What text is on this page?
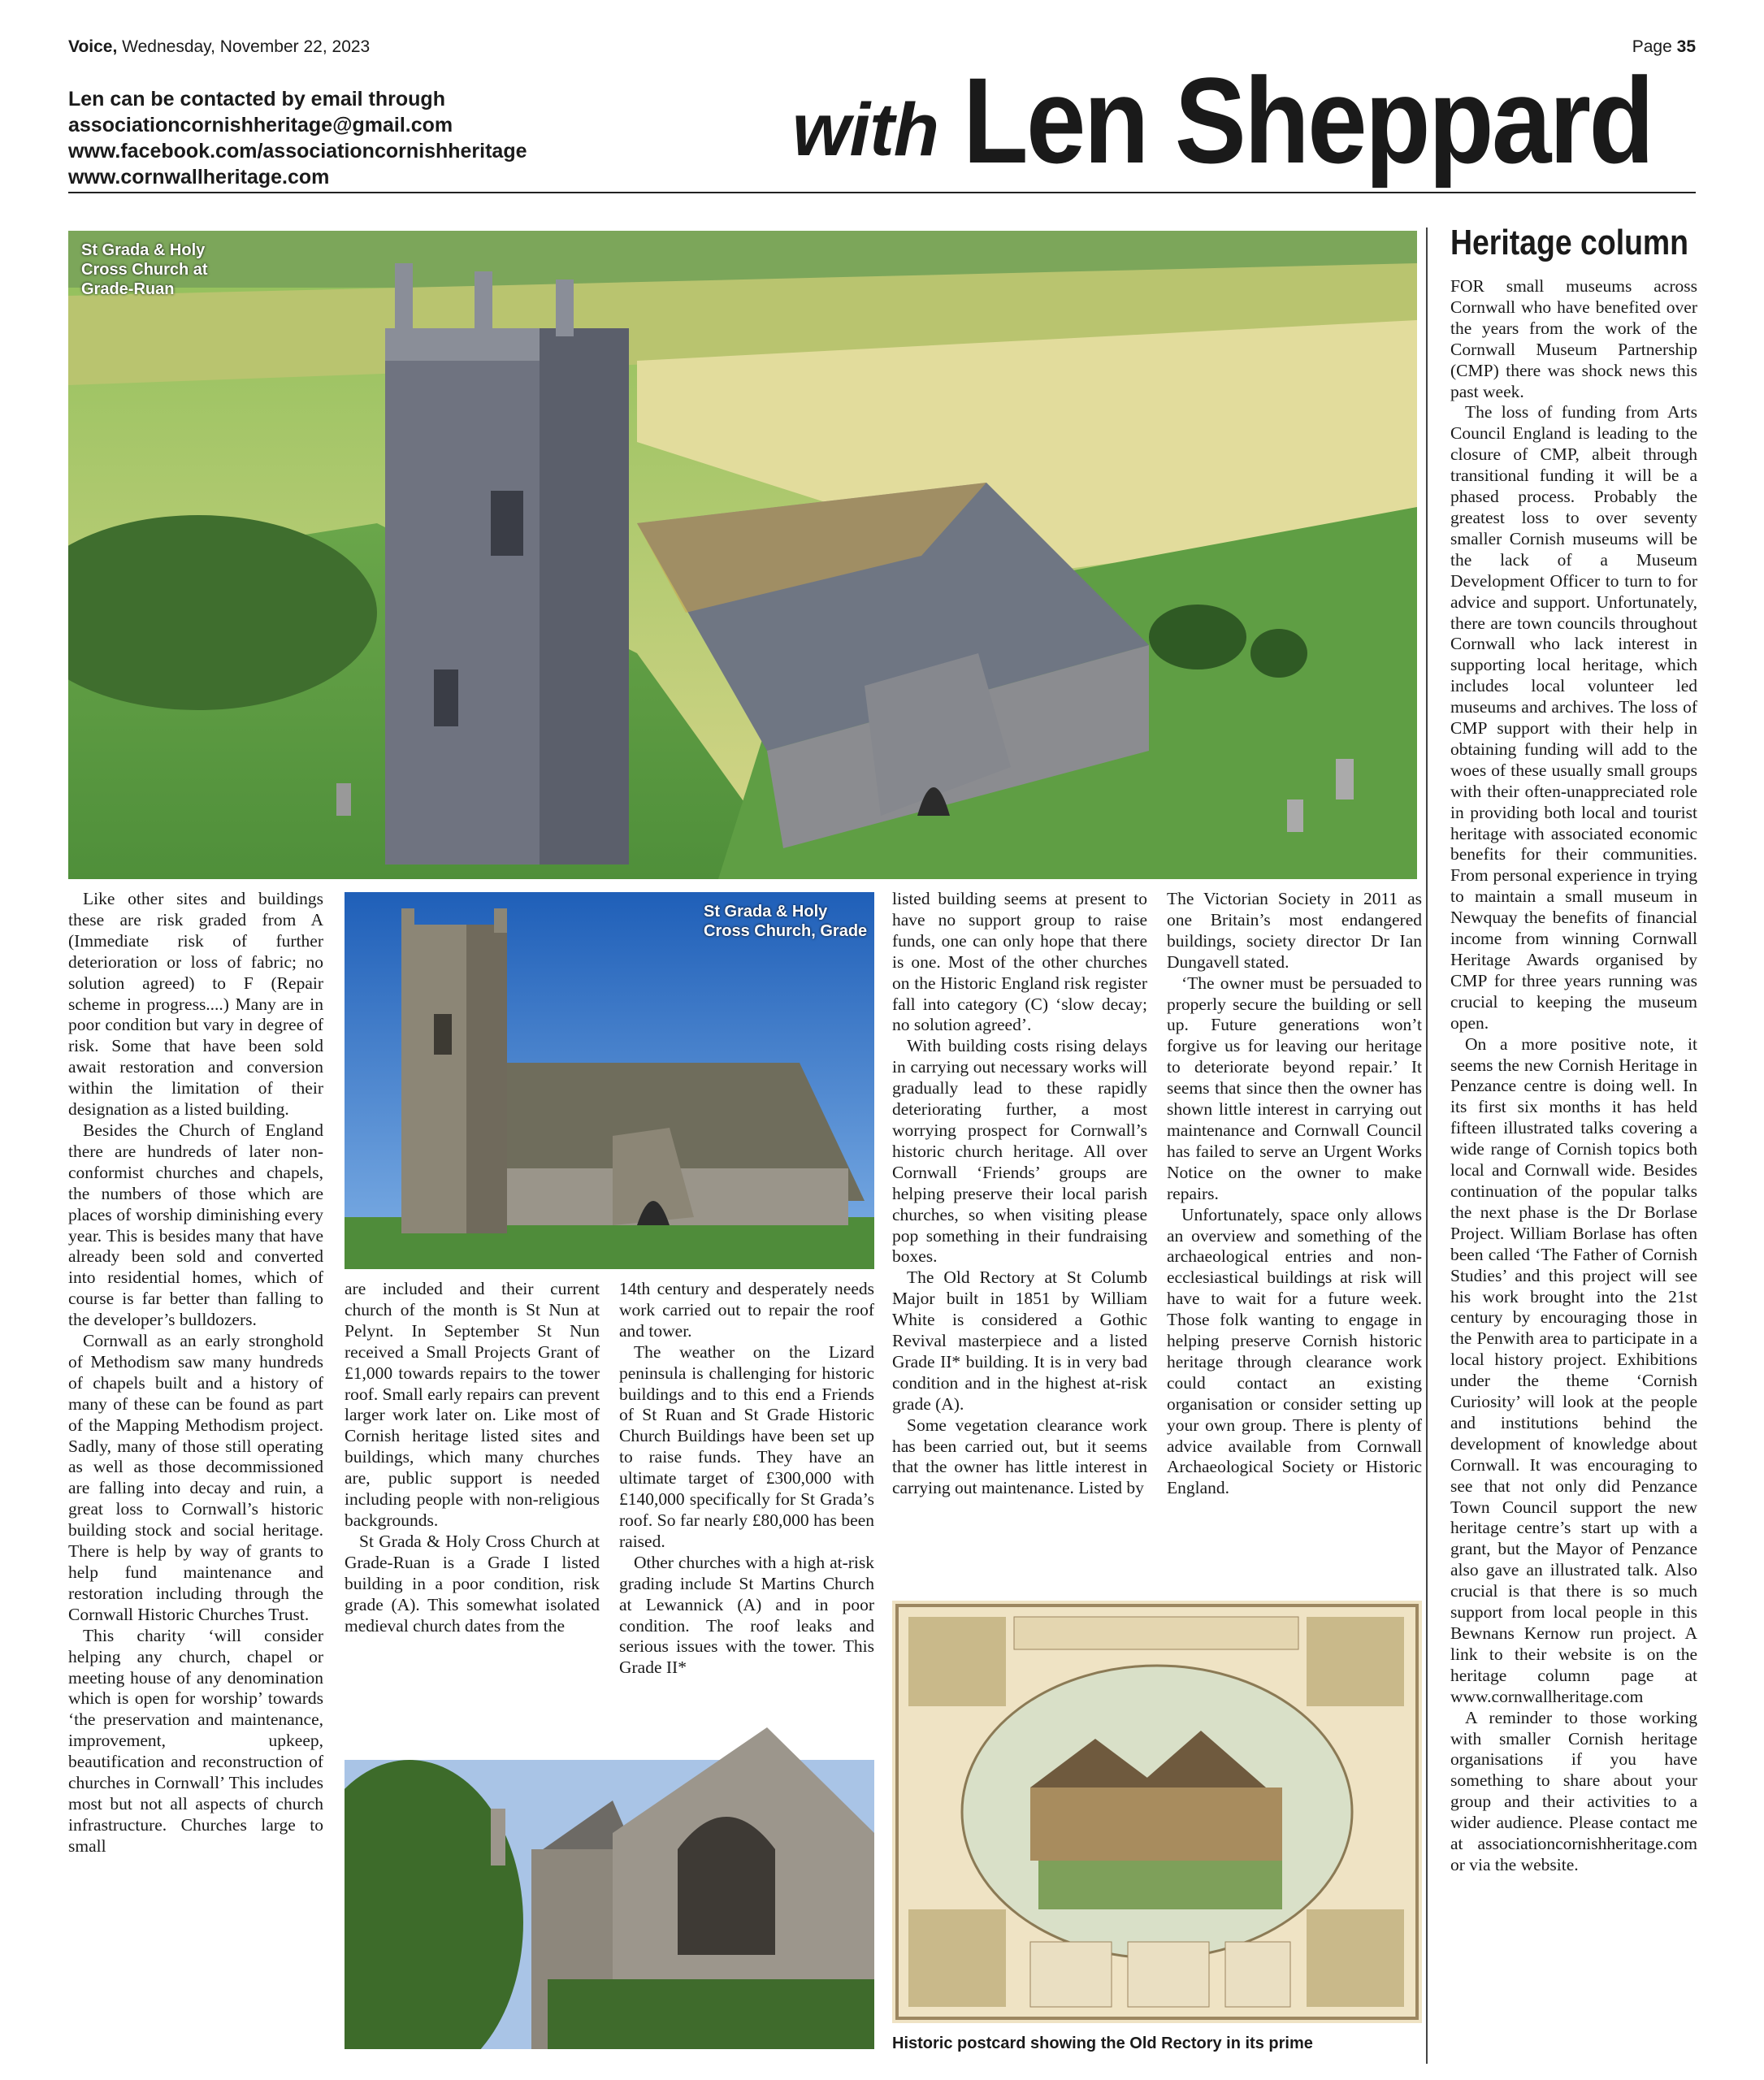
Voice, Wednesday, November 22, 2023	Page 35
Len can be contacted by email through
associationcornishheritage@gmail.com
www.facebook.com/associationcornishheritage
www.cornwallheritage.com
with Len Sheppard
St Grada & Holy Cross Church at Grade-Ruan

Like other sites and buildings these are risk graded from A (Immediate risk of further deterioration or loss of fabric; no solution agreed) to F (Repair scheme in progress....) Many are in poor condition but vary in degree of risk. Some that have been sold await restoration and conversion within the limitation of their designation as a listed building.

Besides the Church of England there are hundreds of later non-conformist churches and chapels, the numbers of those which are places of worship diminishing every year. This is besides many that have already been sold and converted into residential homes, which of course is far better than falling to the developer’s bulldozers.

Cornwall as an early stronghold of Methodism saw many hundreds of chapels built and a history of many of these can be found as part of the Mapping Methodism project. Sadly, many of those still operating as well as those decommissioned are falling into decay and ruin, a great loss to Cornwall’s historic building stock and social heritage. There is help by way of grants to help fund maintenance and restoration including through the Cornwall Historic Churches Trust.

This charity ‘will consider helping any church, chapel or meeting house of any denomination which is open for worship’ towards ‘the preservation and maintenance, improvement, upkeep, beautification and reconstruction of churches in Cornwall’ This includes most but not all aspects of church infrastructure. Churches large to small

St Grada & Holy Cross Church, Grade

are included and their current church of the month is St Nun at Pelynt. In September St Nun received a Small Projects Grant of £1,000 towards repairs to the tower roof. Small early repairs can prevent larger work later on. Like most of Cornish heritage listed sites and buildings, which many churches are, public support is needed including people with non-religious backgrounds.

St Grada & Holy Cross Church at Grade-Ruan is a Grade I listed building in a poor condition, risk grade (A). This somewhat isolated medieval church dates from the

14th century and desperately needs work carried out to repair the roof and tower.

The weather on the Lizard peninsula is challenging for historic buildings and to this end a Friends of St Ruan and St Grade Historic Church Buildings have been set up to raise funds. They have an ultimate target of £300,000 with £140,000 specifically for St Grada’s roof. So far nearly £80,000 has been raised.

Other churches with a high at-risk grading include St Martins Church at Lewannick (A) and in poor condition. The roof leaks and serious issues with the tower. This Grade II*

listed building seems at present to have no support group to raise funds, one can only hope that there is one. Most of the other churches on the Historic England risk register fall into category (C) ‘slow decay; no solution agreed’.

With building costs rising delays in carrying out necessary works will gradually lead to these rapidly deteriorating further, a most worrying prospect for Cornwall’s historic church heritage. All over Cornwall ‘Friends’ groups are helping preserve their local parish churches, so when visiting please pop something in their fundraising boxes.

The Old Rectory at St Columb Major built in 1851 by William White is considered a Gothic Revival masterpiece and a listed Grade II* building. It is in very bad condition and in the highest at-risk grade (A).

Some vegetation clearance work has been carried out, but it seems that the owner has little interest in carrying out maintenance. Listed by

The Victorian Society in 2011 as one Britain’s most endangered buildings, society director Dr Ian Dungavell stated.

‘The owner must be persuaded to properly secure the building or sell up. Future generations won’t forgive us for leaving our heritage to deteriorate beyond repair.’ It seems that since then the owner has shown little interest in carrying out maintenance and Cornwall Council has failed to serve an Urgent Works Notice on the owner to make repairs.

Unfortunately, space only allows an overview and something of the archaeological entries and non-ecclesiastical buildings at risk will have to wait for a future week. Those folk wanting to engage in helping preserve Cornish historic heritage through clearance work could contact an existing organisation or consider setting up your own group. There is plenty of advice available from Cornwall Archaeological Society or Historic England.

Historic postcard showing the Old Rectory in its prime
Heritage column

FOR small museums across Cornwall who have benefited over the years from the work of the Cornwall Museum Partnership (CMP) there was shock news this past week.

The loss of funding from Arts Council England is leading to the closure of CMP, albeit through transitional funding it will be a phased process. Probably the greatest loss to over seventy smaller Cornish museums will be the lack of a Museum Development Officer to turn to for advice and support. Unfortunately, there are town councils throughout Cornwall who lack interest in supporting local heritage, which includes local volunteer led museums and archives. The loss of CMP support with their help in obtaining funding will add to the woes of these usually small groups with their often-unappreciated role in providing both local and tourist heritage with associated economic benefits for their communities. From personal experience in trying to maintain a small museum in Newquay the benefits of financial income from winning Cornwall Heritage Awards organised by CMP for three years running was crucial to keeping the museum open.

On a more positive note, it seems the new Cornish Heritage in Penzance centre is doing well. In its first six months it has held fifteen illustrated talks covering a wide range of Cornish topics both local and Cornwall wide. Besides continuation of the popular talks the next phase is the Dr Borlase Project. William Borlase has often been called ‘The Father of Cornish Studies’ and this project will see his work brought into the 21st century by encouraging those in the Penwith area to participate in a local history project. Exhibitions under the theme ‘Cornish Curiosity’ will look at the people and institutions behind the development of knowledge about Cornwall. It was encouraging to see that not only did Penzance Town Council support the new heritage centre’s start up with a grant, but the Mayor of Penzance also gave an illustrated talk. Also crucial is that there is so much support from local people in this Bewnans Kernow run project. A link to their website is on the heritage column page at www.cornwallheritage.com

A reminder to those working with smaller Cornish heritage organisations if you have something to share about your group and their activities to a wider audience. Please contact me at associationcornishheritage.com or via the website.
